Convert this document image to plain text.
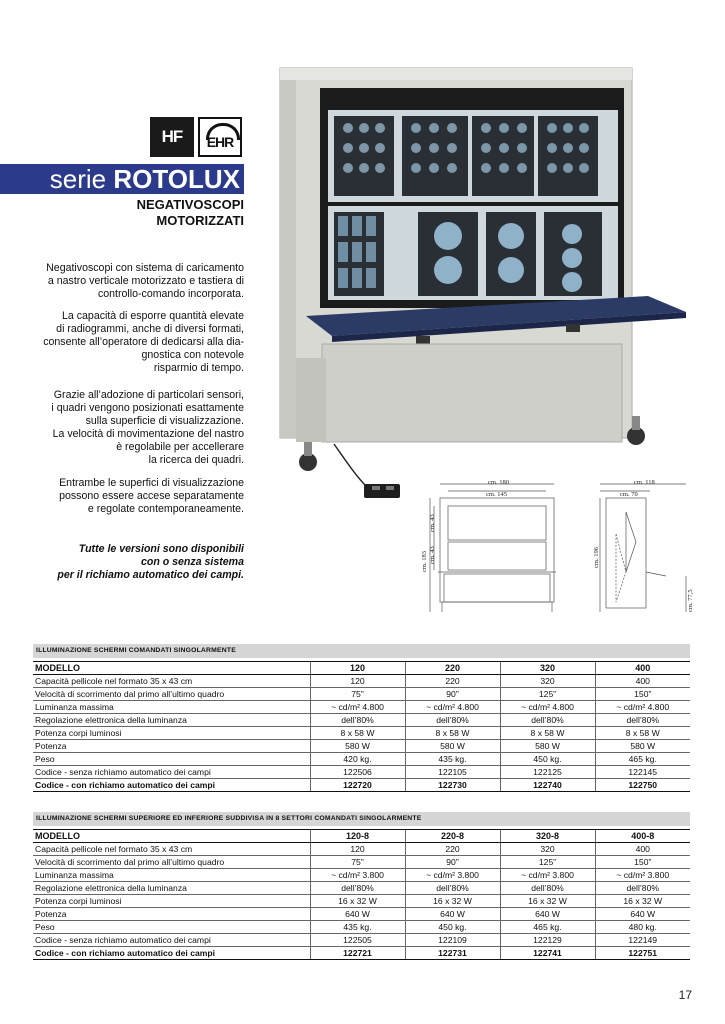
HF EHR
serie ROTOLUX
NEGATIVOSCOPI
MOTORIZZATI
Negativoscopi con sistema di caricamento
a nastro verticale motorizzato e tastiera di
controllo-comando incorporata.
La capacità di esporre quantità elevate
di radiogrammi, anche di diversi formati,
consente all’operatore di dedicarsi alla dia-
gnostica con notevole
risparmio di tempo.
Grazie all’adozione di particolari sensori,
i quadri vengono posizionati esattamente
sulla superficie di visualizzazione.
La velocità di movimentazione del nastro
è regolabile per accellerare
la ricerca dei quadri.
Entrambe le superfici di visualizzazione
possono essere accese separatamente
e regolate contemporaneamente.
Tutte le versioni sono disponibili
con o senza sistema
per il richiamo automatico dei campi.
cm. 180
cm. 145
cm. 183
cm. 43
cm. 43
cm. 118
cm. 70
cm. 196
cm. 77,5
ILLUMINAZIONE SCHERMI COMANDATI SINGOLARMENTE
MODELLO	120	220	320	400
Capacità pellicole nel formato 35 x 43 cm	120	220	320	400
Velocità di scorrimento dal primo all’ultimo quadro	75”	90”	125”	150”
Luminanza massima	~ cd/m² 4.800	~ cd/m² 4.800	~ cd/m² 4.800	~ cd/m² 4.800
Regolazione elettronica della luminanza	dell’80%	dell’80%	dell’80%	dell’80%
Potenza corpi luminosi	8 x 58 W	8 x 58 W	8 x 58 W	8 x 58 W
Potenza	580 W	580 W	580 W	580 W
Peso	420 kg.	435 kg.	450 kg.	465 kg.
Codice - senza richiamo automatico dei campi	122506	122105	122125	122145
Codice - con richiamo automatico dei campi	122720	122730	122740	122750
ILLUMINAZIONE SCHERMI SUPERIORE ED INFERIORE SUDDIVISA IN 8 SETTORI COMANDATI SINGOLARMENTE
MODELLO	120-8	220-8	320-8	400-8
Capacità pellicole nel formato 35 x 43 cm	120	220	320	400
Velocità di scorrimento dal primo all’ultimo quadro	75”	90”	125”	150”
Luminanza massima	~ cd/m² 3.800	~ cd/m² 3.800	~ cd/m² 3.800	~ cd/m² 3.800
Regolazione elettronica della luminanza	dell’80%	dell’80%	dell’80%	dell’80%
Potenza corpi luminosi	16 x 32 W	16 x 32 W	16 x 32 W	16 x 32 W
Potenza	640 W	640 W	640 W	640 W
Peso	435 kg.	450 kg.	465 kg.	480 kg.
Codice - senza richiamo automatico dei campi	122505	122109	122129	122149
Codice - con richiamo automatico dei campi	122721	122731	122741	122751
17
